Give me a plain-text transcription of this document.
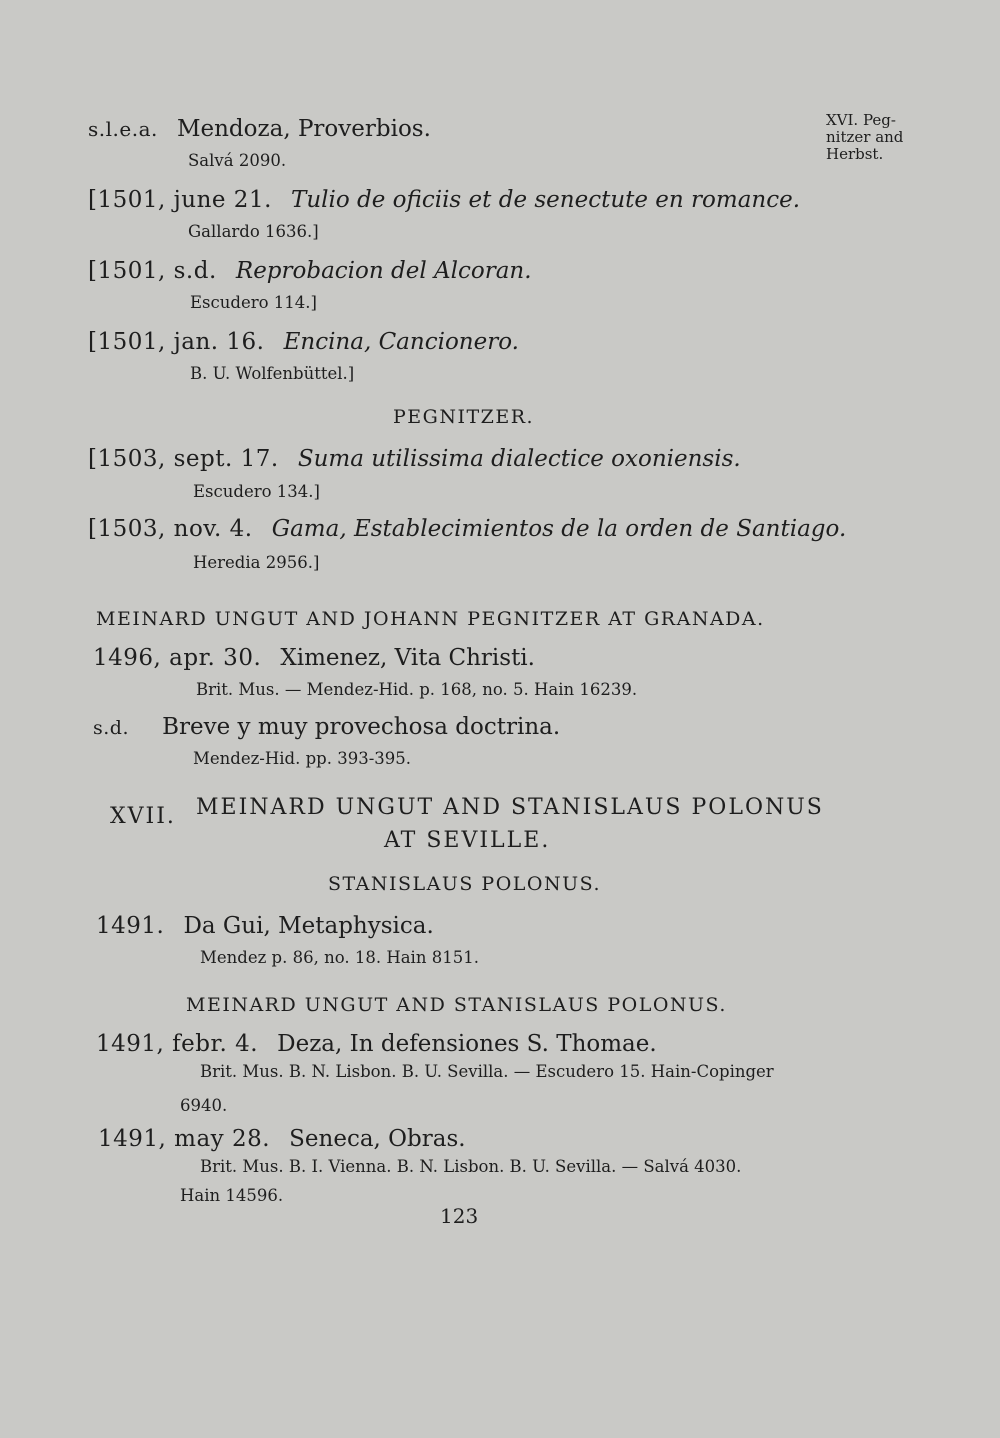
XVI. Peg-
nitzer and
Herbst.
s.l.e.a. Mendoza, Proverbios.
Salvá 2090.
[1501, june 21. Tulio de oficiis et de senectute en romance.
Gallardo 1636.]
[1501, s.d. Reprobacion del Alcoran.
Escudero 114.]
[1501, jan. 16. Encina, Cancionero.
B. U. Wolfenbüttel.]
PEGNITZER.
[1503, sept. 17. Suma utilissima dialectice oxoniensis.
Escudero 134.]
[1503, nov. 4. Gama, Establecimientos de la orden de Santiago.
Heredia 2956.]
MEINARD UNGUT AND JOHANN PEGNITZER AT GRANADA.
1496, apr. 30. Ximenez, Vita Christi.
Brit. Mus. — Mendez-Hid. p. 168, no. 5. Hain 16239.
s.d. Breve y muy provechosa doctrina.
Mendez-Hid. pp. 393-395.
XVII. MEINARD UNGUT AND STANISLAUS POLONUS
AT SEVILLE.
STANISLAUS POLONUS.
1491. Da Gui, Metaphysica.
Mendez p. 86, no. 18. Hain 8151.
MEINARD UNGUT AND STANISLAUS POLONUS.
1491, febr. 4. Deza, In defensiones S. Thomae.
Brit. Mus. B. N. Lisbon. B. U. Sevilla. — Escudero 15. Hain-Copinger
6940.
1491, may 28. Seneca, Obras.
Brit. Mus. B. I. Vienna. B. N. Lisbon. B. U. Sevilla. — Salvá 4030.
Hain 14596.
123
